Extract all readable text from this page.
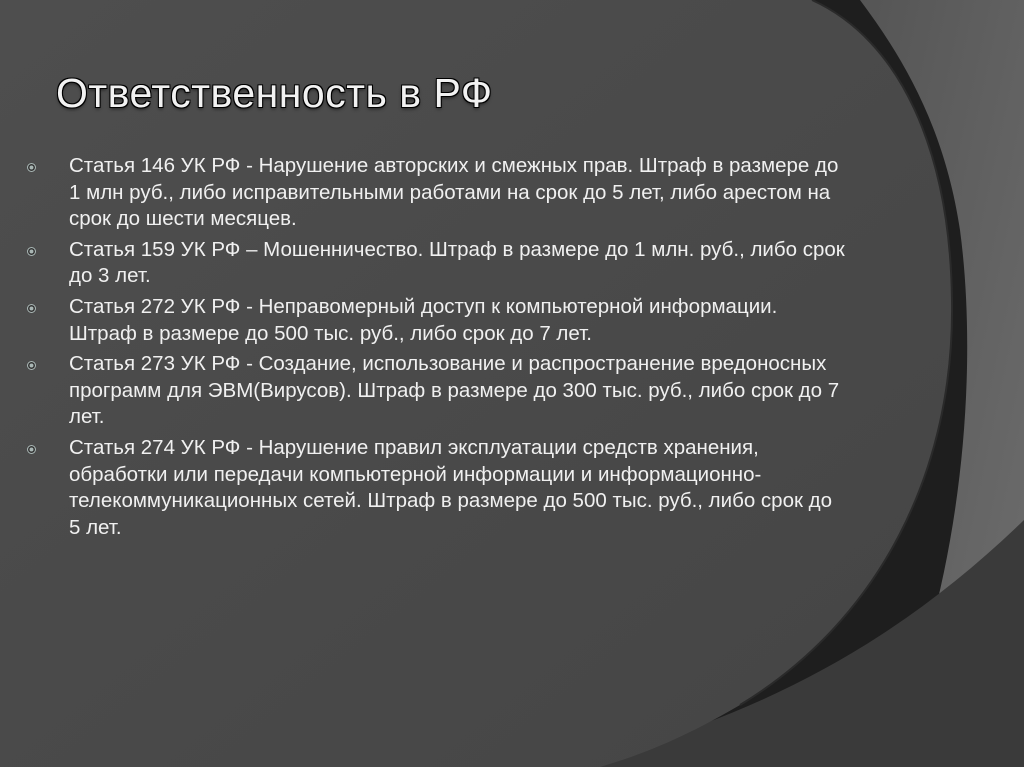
Ответственность в РФ
Статья 146 УК РФ - Нарушение авторских и смежных прав. Штраф в размере до 1 млн руб., либо исправительными работами на срок до 5 лет, либо арестом на срок до шести месяцев.
Статья 159 УК РФ – Мошенничество. Штраф в размере до 1 млн. руб., либо срок до 3 лет.
Статья 272 УК РФ - Неправомерный доступ к компьютерной информации. Штраф в размере до 500 тыс. руб., либо срок до 7 лет.
Статья 273 УК РФ - Создание, использование и распространение вредоносных программ для ЭВМ(Вирусов). Штраф в размере до 300 тыс. руб., либо срок до 7 лет.
Статья 274 УК РФ - Нарушение правил эксплуатации средств хранения, обработки или передачи компьютерной информации и информационно-телекоммуникационных сетей. Штраф в размере до 500 тыс. руб., либо срок до 5 лет.
